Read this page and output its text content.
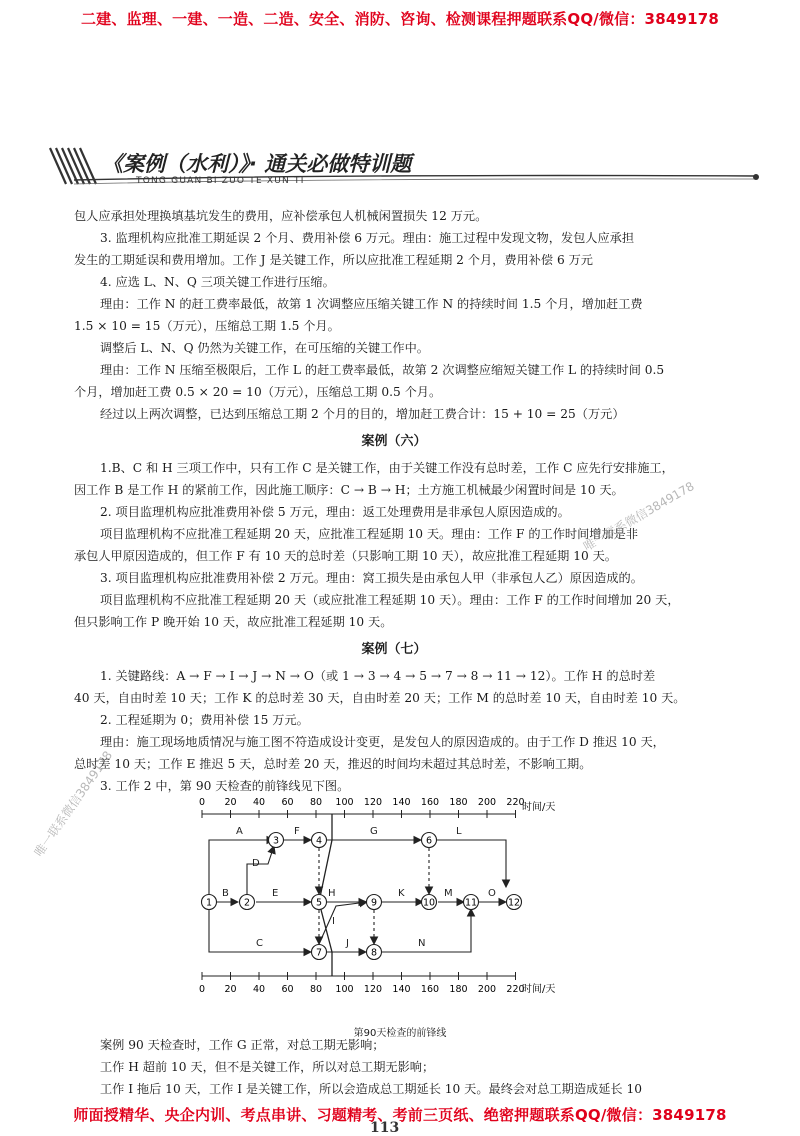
二建、监理、一建、一造、二造、安全、消防、咨询、检测课程押题联系QQ/微信：3849178
《案例（水利）》· 通关必做特训题
TONG GUAN BI ZUO TE XUN TI

包人应承担处理换填基坑发生的费用，应补偿承包人机械闲置损失 12 万元。

3. 监理机构应批准工期延误 2 个月、费用补偿 6 万元。理由：施工过程中发现文物，发包人应承担

发生的工期延误和费用增加。工作 J 是关键工作，所以应批准工程延期 2 个月，费用补偿 6 万元

4. 应选 L、N、Q 三项关键工作进行压缩。

理由：工作 N 的赶工费率最低，故第 1 次调整应压缩关键工作 N 的持续时间 1.5 个月，增加赶工费

1.5 × 10 = 15（万元），压缩总工期 1.5 个月。

调整后 L、N、Q 仍然为关键工作，在可压缩的关键工作中。

理由：工作 N 压缩至极限后，工作 L 的赶工费率最低，故第 2 次调整应缩短关键工作 L 的持续时间 0.5

个月，增加赶工费 0.5 × 20 = 10（万元），压缩总工期 0.5 个月。

经过以上两次调整，已达到压缩总工期 2 个月的目的，增加赶工费合计：15 + 10 = 25（万元）

案例（六）

1.B、C 和 H 三项工作中，只有工作 C 是关键工作，由于关键工作没有总时差，工作 C 应先行安排施工，

因工作 B 是工作 H 的紧前工作，因此施工顺序：C → B → H；土方施工机械最少闲置时间是 10 天。

2. 项目监理机构应批准费用补偿 5 万元，理由：返工处理费用是非承包人原因造成的。

项目监理机构不应批准工程延期 20 天，应批准工程延期 10 天。理由：工作 F 的工作时间增加是非

承包人甲原因造成的，但工作 F 有 10 天的总时差（只影响工期 10 天），故应批准工程延期 10 天。

3. 项目监理机构应批准费用补偿 2 万元。理由：窝工损失是由承包人甲（非承包人乙）原因造成的。

项目监理机构不应批准工程延期 20 天（或应批准工程延期 10 天）。理由：工作 F 的工作时间增加 20 天，

但只影响工作 P 晚开始 10 天，故应批准工程延期 10 天。

案例（七）

1. 关键路线：A → F → I → J → N → O（或 1 → 3 → 4 → 5 → 7 → 8 → 11 → 12）。工作 H 的总时差

40 天，自由时差 10 天；工作 K 的总时差 30 天，自由时差 20 天；工作 M 的总时差 10 天，自由时差 10 天。

2. 工程延期为 0；费用补偿 15 万元。

理由：施工现场地质情况与施工图不符造成设计变更，是发包人的原因造成的。由于工作 D 推迟 10 天，

总时差 10 天；工作 E 推迟 5 天，总时差 20 天，推迟的时间均未超过其总时差，不影响工期。

3. 工作 2 中，第 90 天检查的前锋线见下图。

0 20 40 60 80 100 120 140 160 180 200 220
时间/天
0 20 40 60 80 100 120 140 160 180 200 220
时间/天
A
B
C
D
E
F	G
H
I
J
K
L
M
N
O
1	2
3	4
5
6
7	8
9	10	11	12
第90天检查的前锋线

案例 90 天检查时，工作 G 正常，对总工期无影响；

工作 H 超前 10 天，但不是关键工作，所以对总工期无影响；

工作 I 拖后 10 天，工作 I 是关键工作，所以会造成总工期延长 10 天。最终会对总工期造成延长 10

唯一联系微信3849178
唯一联系微信3849178
113
师面授精华、央企内训、考点串讲、习题精考、考前三页纸、绝密押题联系QQ/微信：3849178
